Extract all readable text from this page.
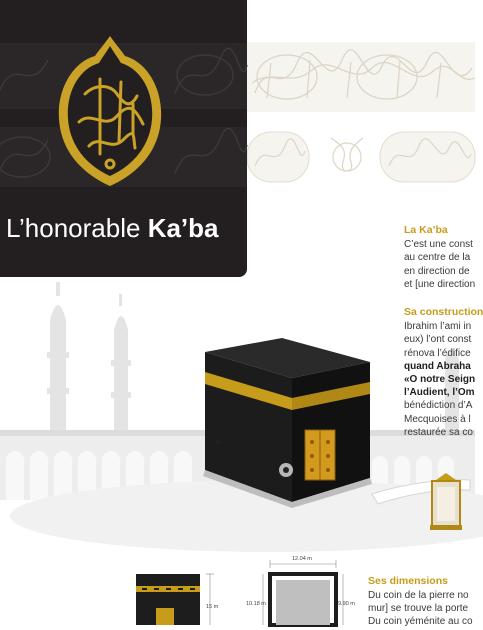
L’honorable Ka’ba	La Ka’ba
C’est une const
au centre de la
en direction de
et [une direction
Sa construction
Ibrahim l’ami in
eux) l’ont const
rénova l’édifice
quand Abraha
«O notre Seign
l’Audient, l’Om
bénédiction d’A
Mecquoises à l
restaurée sa co
15 m
12.04 m
10.18 m	9.90 m
Ses dimensions
Du coin de la pierre no
mur] se trouve la porte
Du coin yéménite au co
